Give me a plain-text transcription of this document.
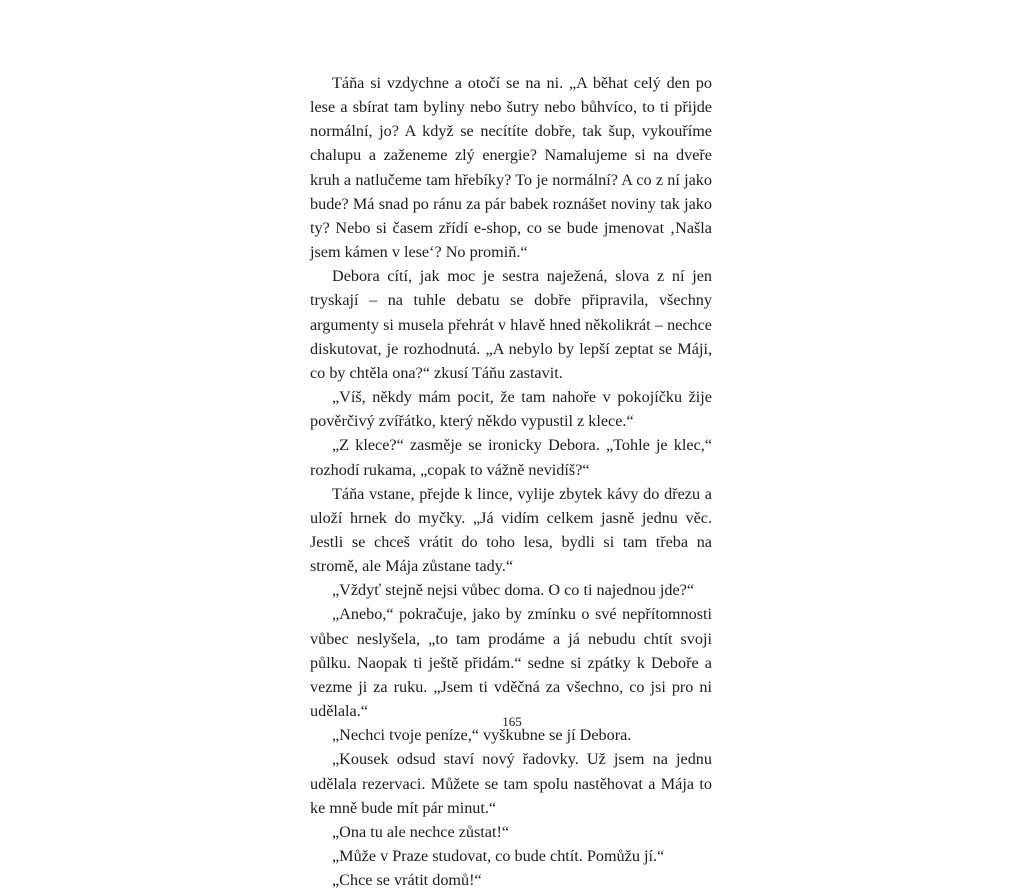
Táňa si vzdychne a otočí se na ni. „A běhat celý den po lese a sbírat tam byliny nebo šutry nebo bůhvíco, to ti přijde normální, jo? A když se necítíte dobře, tak šup, vykouříme chalupu a zaženeme zlý energie? Namalujeme si na dveře kruh a natlučeme tam hřebíky? To je normální? A co z ní jako bude? Má snad po ránu za pár babek roznášet noviny tak jako ty? Nebo si časem zřídí e-shop, co se bude jmenovat ‚Našla jsem kámen v lese‘? No promiň.“

Debora cítí, jak moc je sestra naježená, slova z ní jen tryskají – na tuhle debatu se dobře připravila, všechny argumenty si musela přehrát v hlavě hned několikrát – nechce diskutovat, je rozhodnutá. „A nebylo by lepší zeptat se Máji, co by chtěla ona?“ zkusí Táňu zastavit.

„Víš, někdy mám pocit, že tam nahoře v pokojíčku žije pověrčivý zvířátko, který někdo vypustil z klece.“

„Z klece?“ zasměje se ironicky Debora. „Tohle je klec,“ rozhodí rukama, „copak to vážně nevidíš?“

Táňa vstane, přejde k lince, vylije zbytek kávy do dřezu a uloží hrnek do myčky. „Já vidím celkem jasně jednu věc. Jestli se chceš vrátit do toho lesa, bydli si tam třeba na stromě, ale Mája zůstane tady.“

„Vždyť stejně nejsi vůbec doma. O co ti najednou jde?“

„Anebo,“ pokračuje, jako by zmínku o své nepřítomnosti vůbec neslyšela, „to tam prodáme a já nebudu chtít svoji půlku. Naopak ti ještě přidám.“ sedne si zpátky k Deboře a vezme ji za ruku. „Jsem ti vděčná za všechno, co jsi pro ni udělala.“

„Nechci tvoje peníze,“ vyškubne se jí Debora.

„Kousek odsud staví nový řadovky. Už jsem na jednu udělala rezervaci. Můžete se tam spolu nastěhovat a Mája to ke mně bude mít pár minut.“

„Ona tu ale nechce zůstat!“

„Může v Praze studovat, co bude chtít. Pomůžu jí.“

„Chce se vrátit domů!“

165
